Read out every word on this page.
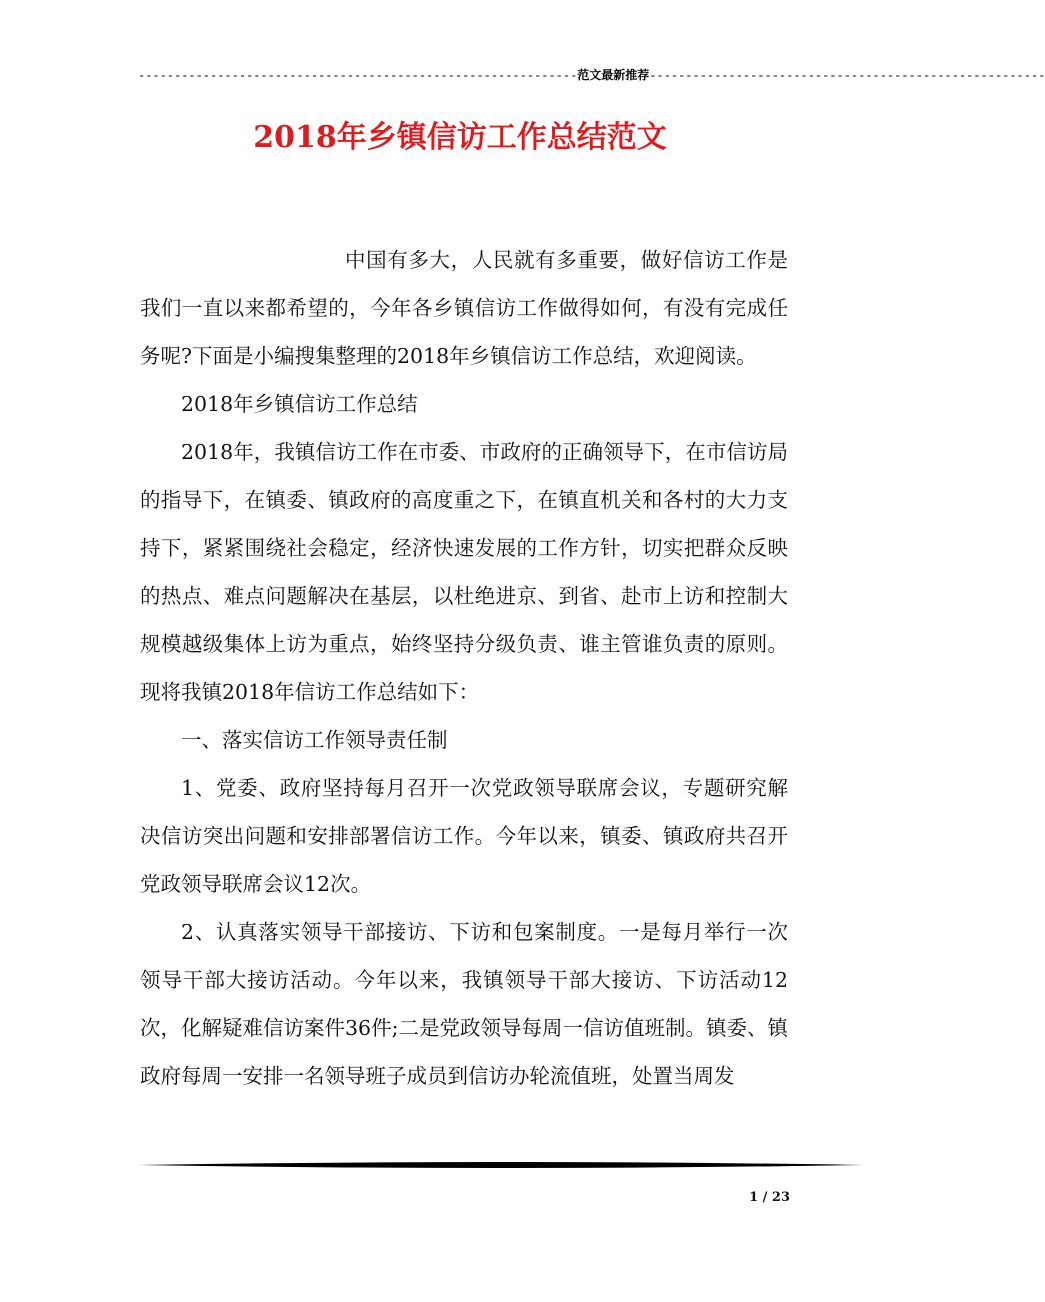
-------------------------------------------------------------范文最新推荐-------------------------------------------------------
2018年乡镇信访工作总结范文

中国有多大，人民就有多重要，做好信访工作是我们一直以来都希望的，今年各乡镇信访工作做得如何，有没有完成任务呢?下面是小编搜集整理的2018年乡镇信访工作总结，欢迎阅读。

2018年乡镇信访工作总结

2018年，我镇信访工作在市委、市政府的正确领导下，在市信访局的指导下，在镇委、镇政府的高度重之下，在镇直机关和各村的大力支持下，紧紧围绕社会稳定，经济快速发展的工作方针，切实把群众反映的热点、难点问题解决在基层，以杜绝进京、到省、赴市上访和控制大规模越级集体上访为重点，始终坚持分级负责、谁主管谁负责的原则。现将我镇2018年信访工作总结如下：

一、落实信访工作领导责任制

1、党委、政府坚持每月召开一次党政领导联席会议，专题研究解决信访突出问题和安排部署信访工作。今年以来，镇委、镇政府共召开党政领导联席会议12次。

2、认真落实领导干部接访、下访和包案制度。一是每月举行一次领导干部大接访活动。今年以来，我镇领导干部大接访、下访活动12次，化解疑难信访案件36件;二是党政领导每周一信访值班制。镇委、镇政府每周一安排一名领导班子成员到信访办轮流值班，处置当周发

1 / 23
